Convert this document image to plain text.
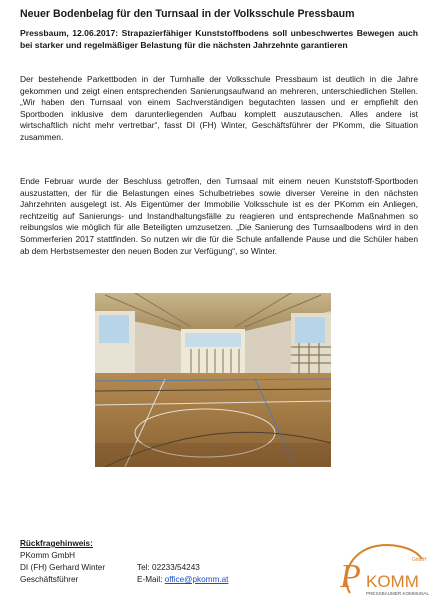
Neuer Bodenbelag für den Turnsaal in der Volksschule Pressbaum
Pressbaum, 12.06.2017: Strapazierfähiger Kunststoffbodens soll unbeschwertes Bewegen auch bei starker und regelmäßiger Belastung für die nächsten Jahrzehnte garantieren
Der bestehende Parkettboden in der Turnhalle der Volksschule Pressbaum ist deutlich in die Jahre gekommen und zeigt einen entsprechenden Sanierungsaufwand an mehreren, unterschiedlichen Stellen. „Wir haben den Turnsaal von einem Sachverständigen begutachten lassen und er empfiehlt den Sportboden inklusive dem darunterliegenden Aufbau komplett auszutauschen. Alles andere ist wirtschaftlich nicht mehr vertretbar“, fasst DI (FH) Winter, Geschäftsführer der PKomm, die Situation zusammen.
Ende Februar wurde der Beschluss getroffen, den Turnsaal mit einem neuen Kunststoff-Sportboden auszustatten, der für die Belastungen eines Schulbetriebes sowie diverser Vereine in den nächsten Jahrzehnten ausgelegt ist. Als Eigentümer der Immobilie Volksschule ist es der PKomm ein Anliegen, rechtzeitig auf Sanierungs- und Instandhaltungsfälle zu reagieren und entsprechende Maßnahmen so reibungslos wie möglich für alle Beteiligten umzusetzen. „Die Sanierung des Turnsaalbodens wird in den Sommerferien 2017 stattfinden. So nutzen wir die für die Schule anfallende Pause und die Schüler haben ab dem Herbstsemester den neuen Boden zur Verfügung“, so Winter.
Rückfragehinweis:
PKomm GmbH
DI (FH) Gerhard Winter
Geschäftsführer
Tel: 02233/54243
E-Mail: office@pkomm.at	P KOMM
GmbH
PRESSBAUMER KOMMUNAL
